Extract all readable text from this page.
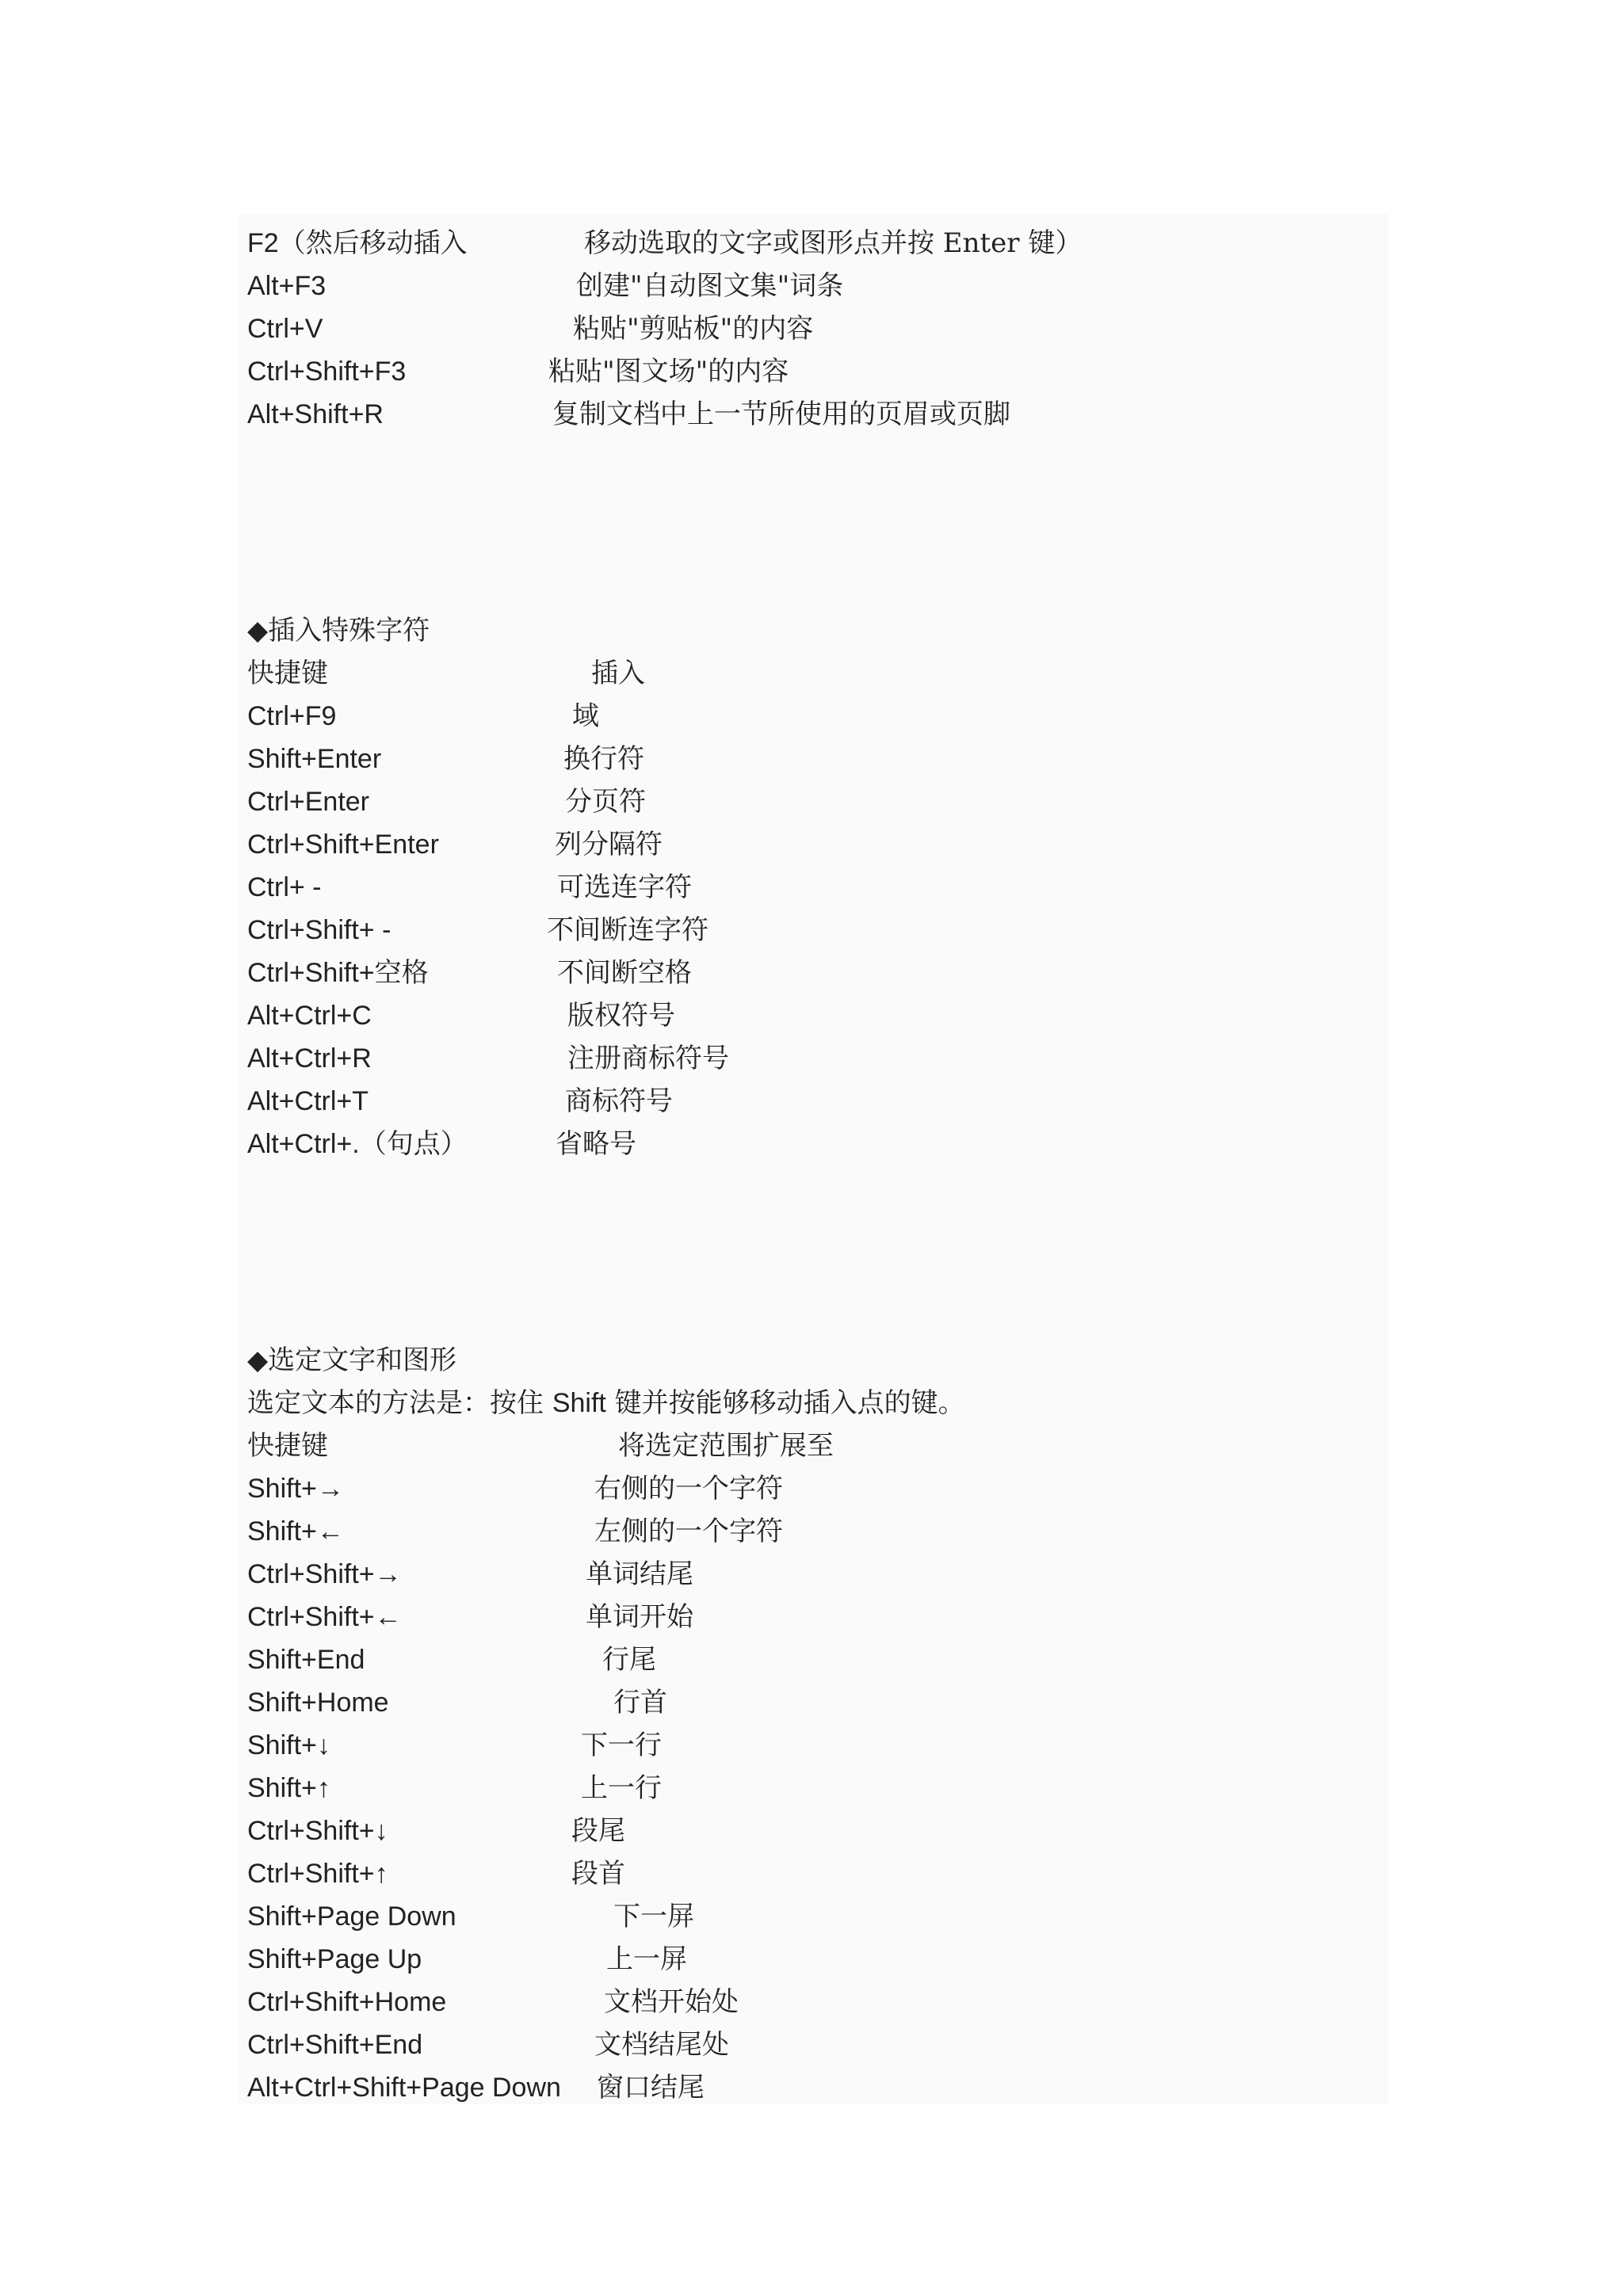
F2（然后移动插入	移动选取的文字或图形点并按 Enter 键）
Alt+F3	创建"自动图文集"词条
Ctrl+V	粘贴"剪贴板"的内容
Ctrl+Shift+F3	粘贴"图文场"的内容
Alt+Shift+R	复制文档中上一节所使用的页眉或页脚
◆插入特殊字符
快捷键	插入
Ctrl+F9	域
Shift+Enter	换行符
Ctrl+Enter	分页符
Ctrl+Shift+Enter	列分隔符
Ctrl+ -	可选连字符
Ctrl+Shift+ -	不间断连字符
Ctrl+Shift+空格	不间断空格
Alt+Ctrl+C	版权符号
Alt+Ctrl+R	注册商标符号
Alt+Ctrl+T	商标符号
Alt+Ctrl+.（句点）	省略号
◆选定文字和图形
选定文本的方法是：按住 Shift 键并按能够移动插入点的键。
快捷键	将选定范围扩展至
Shift+→	右侧的一个字符
Shift+←	左侧的一个字符
Ctrl+Shift+→	单词结尾
Ctrl+Shift+←	单词开始
Shift+End	行尾
Shift+Home	行首
Shift+↓	下一行
Shift+↑	上一行
Ctrl+Shift+↓	段尾
Ctrl+Shift+↑	段首
Shift+Page Down	下一屏
Shift+Page Up	上一屏
Ctrl+Shift+Home	文档开始处
Ctrl+Shift+End	文档结尾处
Alt+Ctrl+Shift+Page Down 窗口结尾
